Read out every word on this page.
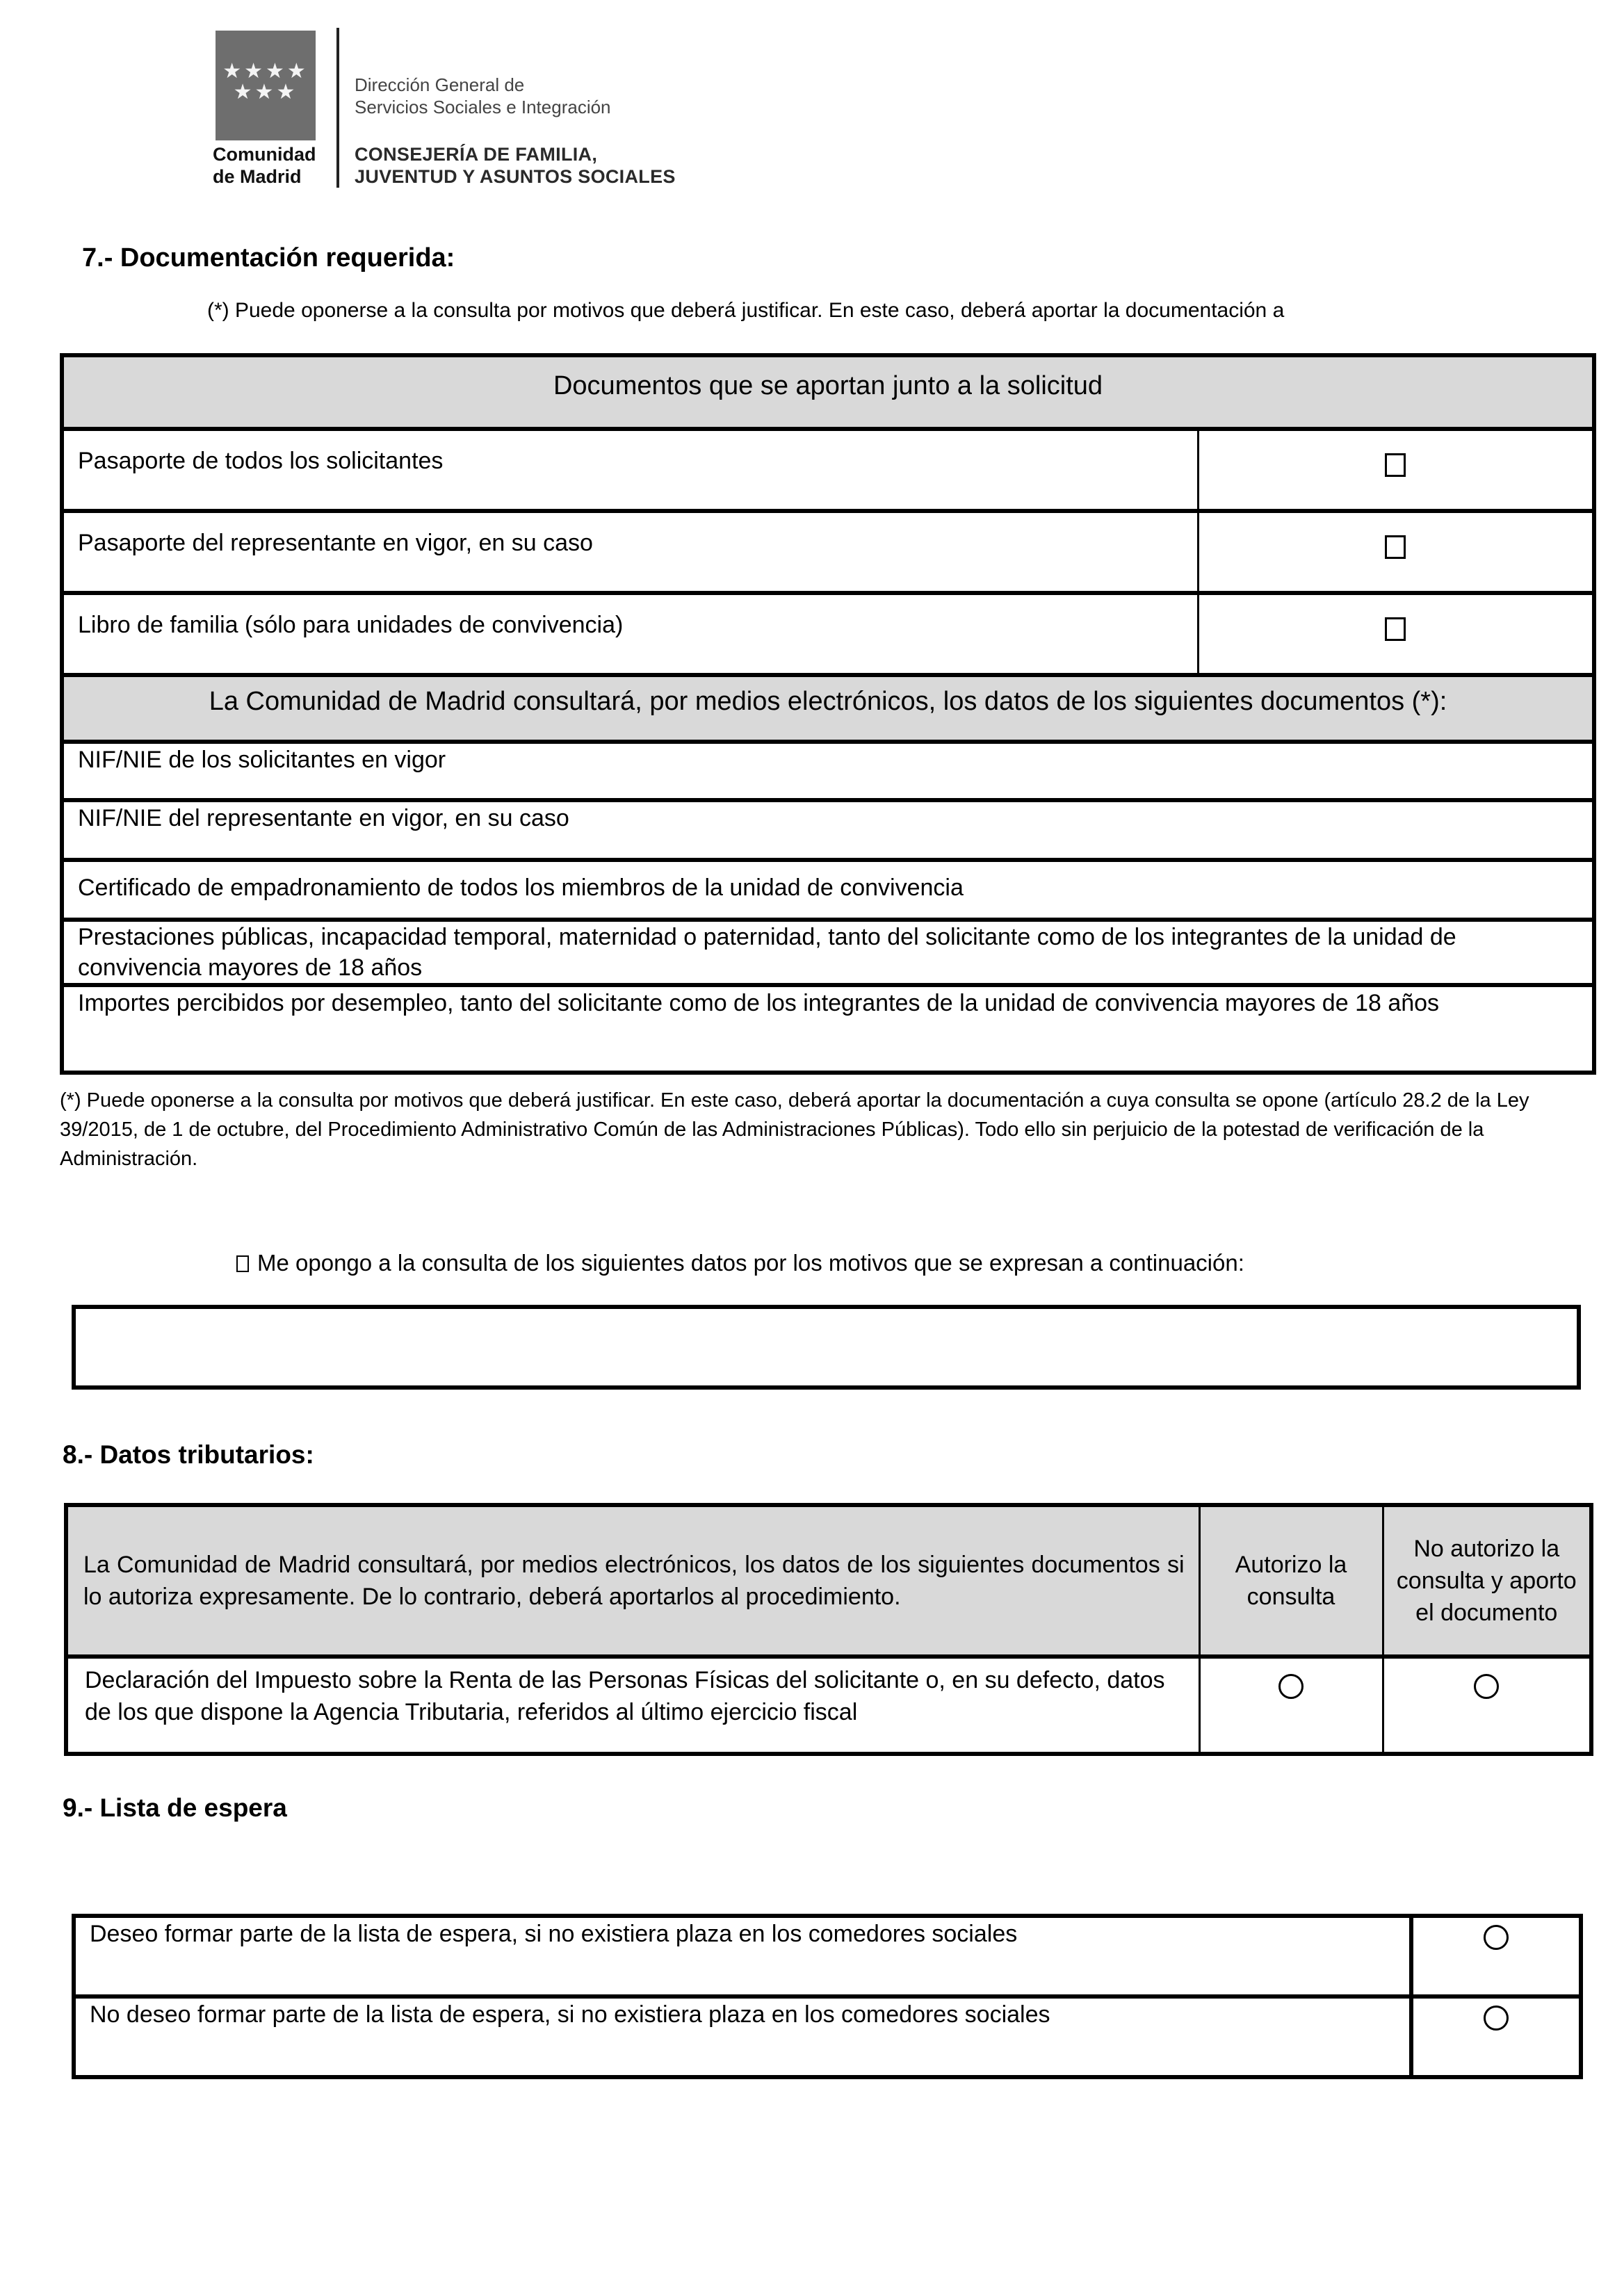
★★★★
★★★
Comunidad
de Madrid
Dirección General de
Servicios Sociales e Integración
CONSEJERÍA DE FAMILIA,
JUVENTUD Y ASUNTOS SOCIALES
7.- Documentación requerida:
(*) Puede oponerse a la consulta por motivos que deberá justificar. En este caso, deberá aportar la documentación a
Documentos que se aportan junto a la solicitud	
Pasaporte de todos los solicitantes	
Pasaporte del representante en vigor, en su caso	
Libro de familia (sólo para unidades de convivencia)	
La Comunidad de Madrid consultará, por medios electrónicos, los datos de los siguientes documentos (*):	
NIF/NIE de los solicitantes en vigor	
NIF/NIE del representante en vigor, en su caso	
Certificado de empadronamiento de todos los miembros de la unidad de convivencia	
Prestaciones públicas, incapacidad temporal, maternidad o paternidad, tanto del solicitante como de los integrantes de la unidad de convivencia mayores de 18 años	
Importes percibidos por desempleo, tanto del solicitante como de los integrantes de la unidad de convivencia mayores de 18 años	
(*) Puede oponerse a la consulta por motivos que deberá justificar. En este caso, deberá aportar la documentación a cuya consulta se opone (artículo 28.2 de la Ley 39/2015, de 1 de octubre, del Procedimiento Administrativo Común de las Administraciones Públicas). Todo ello sin perjuicio de la potestad de verificación de la Administración.
Me opongo a la consulta de los siguientes datos por los motivos que se expresan a continuación:
8.- Datos tributarios:
La Comunidad de Madrid consultará, por medios electrónicos, los datos de los siguientes documentos si lo autoriza expresamente. De lo contrario, deberá aportarlos al procedimiento.	Autorizo la consulta	No autorizo la consulta y aporto el documento
Declaración del Impuesto sobre la Renta de las Personas Físicas del solicitante o, en su defecto, datos de los que dispone la Agencia Tributaria, referidos al último ejercicio fiscal		
9.- Lista de espera
Deseo formar parte de la lista de espera, si no existiera plaza en los comedores sociales	
No deseo formar parte de la lista de espera, si no existiera plaza en los comedores sociales	
